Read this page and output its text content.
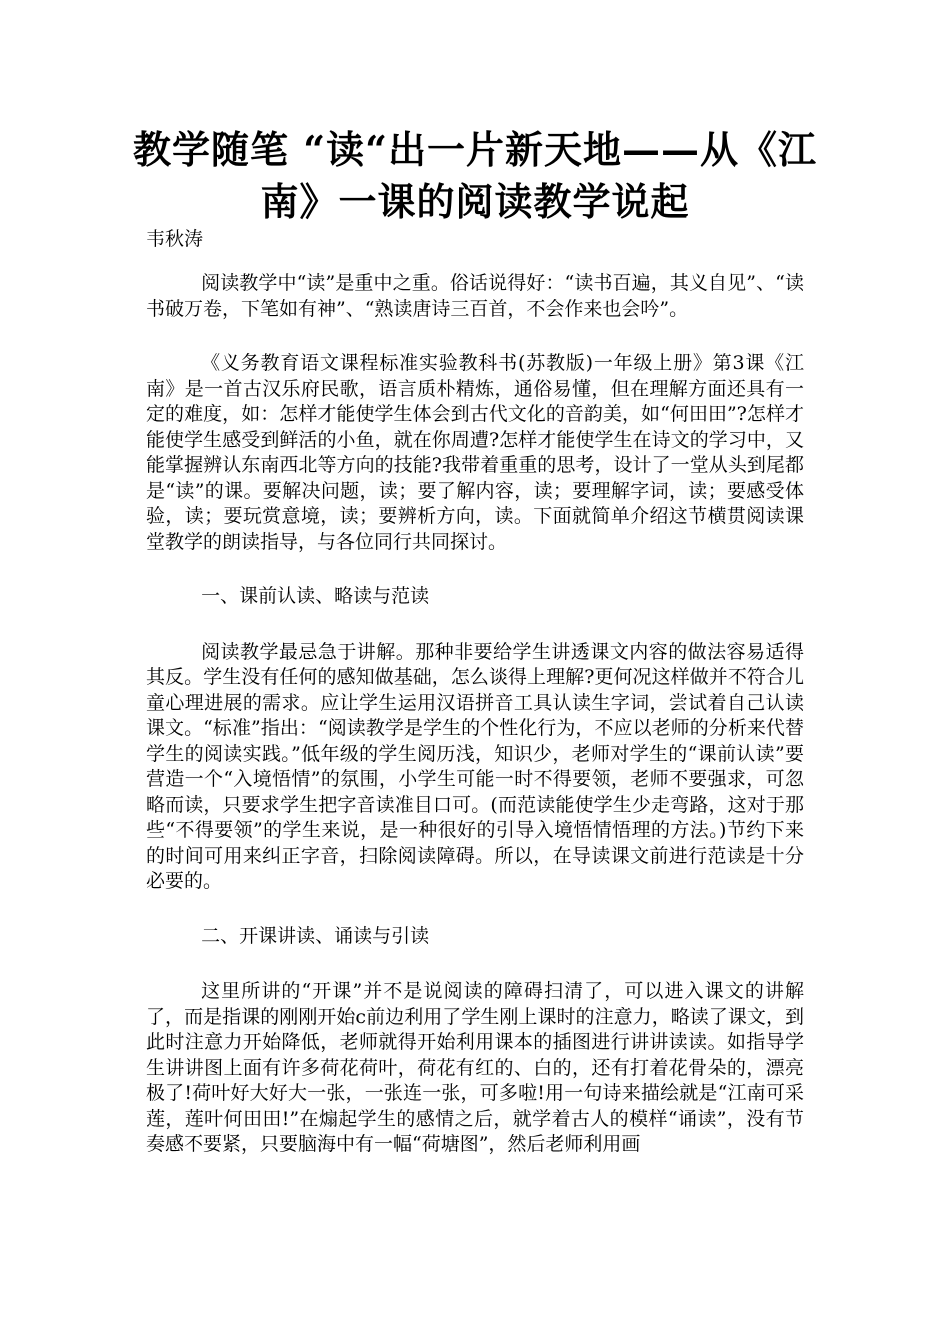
教学随笔 “读“出一片新天地——从《江南》一课的阅读教学说起

韦秋涛

阅读教学中“读”是重中之重。俗话说得好：“读书百遍，其义自见”、“读书破万卷，下笔如有神”、“熟读唐诗三百首，不会作来也会吟”。

《义务教育语文课程标准实验教科书(苏教版)一年级上册》第3课《江南》是一首古汉乐府民歌，语言质朴精炼，通俗易懂，但在理解方面还具有一定的难度，如：怎样才能使学生体会到古代文化的音韵美，如“何田田”?怎样才能使学生感受到鲜活的小鱼，就在你周遭?怎样才能使学生在诗文的学习中，又能掌握辨认东南西北等方向的技能?我带着重重的思考，设计了一堂从头到尾都是“读”的课。要解决问题，读；要了解内容，读；要理解字词，读；要感受体验，读；要玩赏意境，读；要辨析方向，读。下面就简单介绍这节横贯阅读课堂教学的朗读指导，与各位同行共同探讨。

一、课前认读、略读与范读

阅读教学最忌急于讲解。那种非要给学生讲透课文内容的做法容易适得其反。学生没有任何的感知做基础，怎么谈得上理解?更何况这样做并不符合儿童心理进展的需求。应让学生运用汉语拼音工具认读生字词，尝试着自己认读课文。“标准”指出：“阅读教学是学生的个性化行为，不应以老师的分析来代替学生的阅读实践。”低年级的学生阅历浅，知识少，老师对学生的“课前认读”要营造一个“入境悟情”的氛围，小学生可能一时不得要领，老师不要强求，可忽略而读，只要求学生把字音读准目口可。(而范读能使学生少走弯路，这对于那些“不得要领”的学生来说，是一种很好的引导入境悟情悟理的方法。)节约下来的时间可用来纠正字音，扫除阅读障碍。所以，在导读课文前进行范读是十分必要的。

二、开课讲读、诵读与引读

这里所讲的“开课”并不是说阅读的障碍扫清了，可以进入课文的讲解了，而是指课的刚刚开始c前边利用了学生刚上课时的注意力，略读了课文，到此时注意力开始降低，老师就得开始利用课本的插图进行讲讲读读。如指导学生讲讲图上面有许多荷花荷叶，荷花有红的、白的，还有打着花骨朵的，漂亮极了!荷叶好大好大一张，一张连一张，可多啦!用一句诗来描绘就是“江南可采莲，莲叶何田田!”在煽起学生的感情之后，就学着古人的模样“诵读”，没有节奏感不要紧，只要脑海中有一幅“荷塘图”，然后老师利用画
